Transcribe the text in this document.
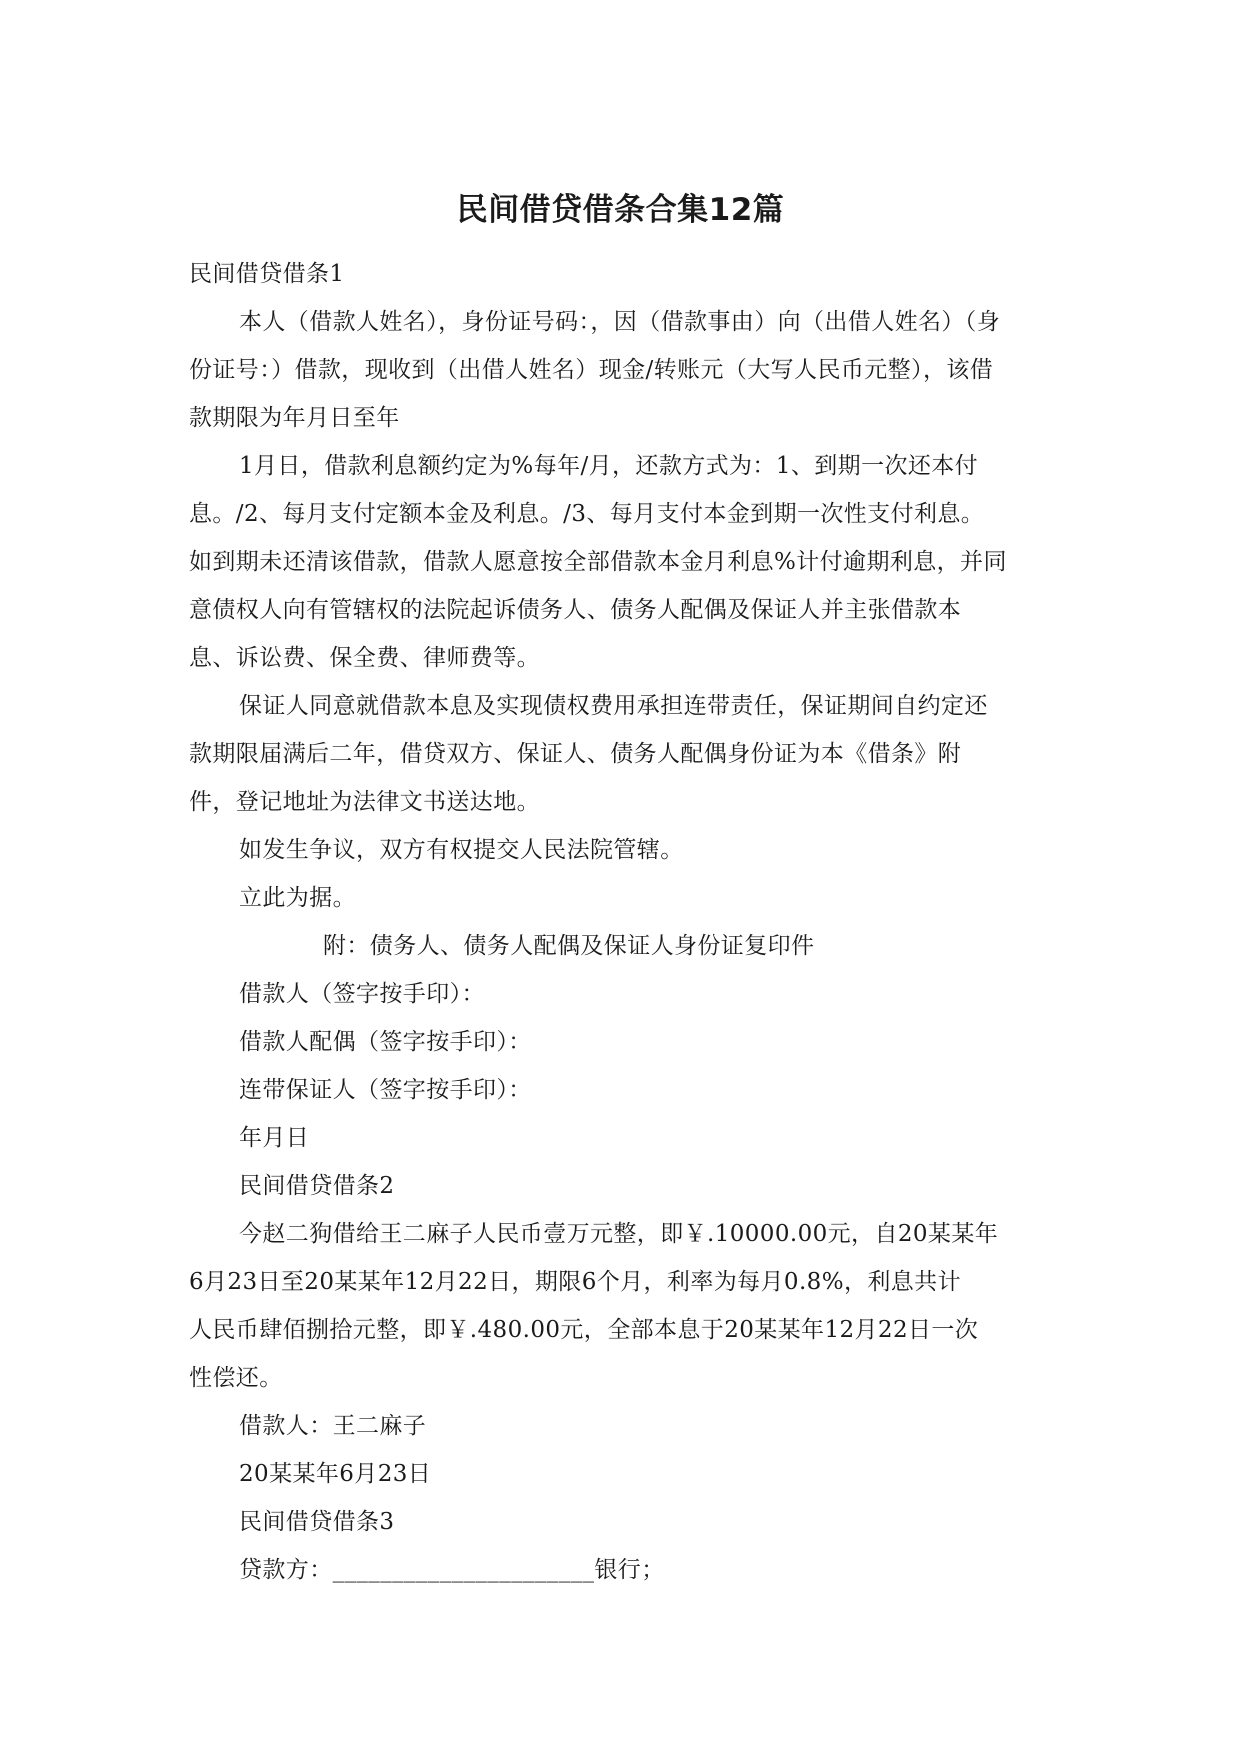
民间借贷借条合集12篇
民间借贷借条1
本人（借款人姓名），身份证号码：，因（借款事由）向（出借人姓名）（身
份证号：）借款，现收到（出借人姓名）现金/转账元（大写人民币元整），该借
款期限为年月日至年
1月日，借款利息额约定为%每年/月，还款方式为：1、到期一次还本付
息。/2、每月支付定额本金及利息。/3、每月支付本金到期一次性支付利息。
如到期未还清该借款，借款人愿意按全部借款本金月利息%计付逾期利息，并同
意债权人向有管辖权的法院起诉债务人、债务人配偶及保证人并主张借款本
息、诉讼费、保全费、律师费等。
保证人同意就借款本息及实现债权费用承担连带责任，保证期间自约定还
款期限届满后二年，借贷双方、保证人、债务人配偶身份证为本《借条》附
件，登记地址为法律文书送达地。
如发生争议，双方有权提交人民法院管辖。
立此为据。
附：债务人、债务人配偶及保证人身份证复印件
借款人（签字按手印）：
借款人配偶（签字按手印）：
连带保证人（签字按手印）：
年月日
民间借贷借条2
今赵二狗借给王二麻子人民币壹万元整，即￥.10000.00元，自20某某年
6月23日至20某某年12月22日，期限6个月，利率为每月0.8%，利息共计
人民币肆佰捌拾元整，即￥.480.00元，全部本息于20某某年12月22日一次
性偿还。
借款人：王二麻子
20某某年6月23日
民间借贷借条3
贷款方：______________________银行；
